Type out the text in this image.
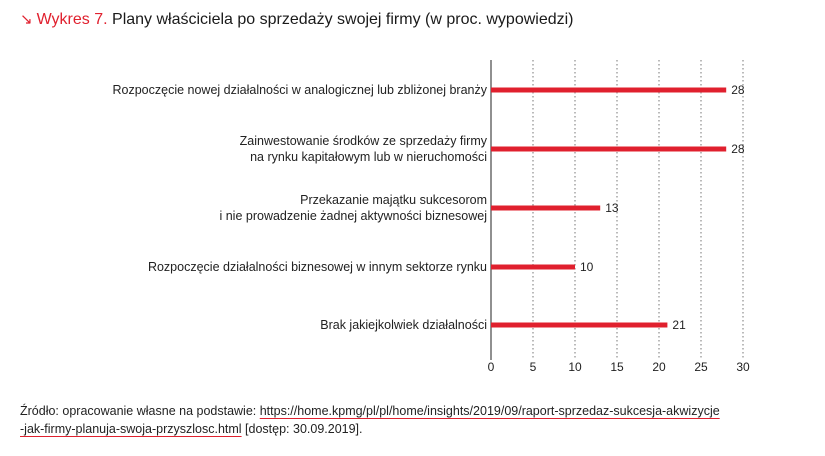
↘ Wykres 7. Plany właściciela po sprzedaży swojej firmy (w proc. wypowiedzi)
0	5	10 15 20 25 30
28
Rozpoczęcie nowej działalności w analogicznej lub zbliżonej branży
28
Zainwestowanie środków ze sprzedaży firmy
na rynku kapitałowym lub w nieruchomości
13
Przekazanie majątku sukcesorom
i nie prowadzenie żadnej aktywności biznesowej
10
Rozpoczęcie działalności biznesowej w innym sektorze rynku
21
Brak jakiejkolwiek działalności
Źródło: opracowanie własne na podstawie: https://home.kpmg/pl/pl/home/insights/2019/09/raport-sprzedaz-sukcesja-akwizycje
-jak-firmy-planuja-swoja-przyszlosc.html [dostęp: 30.09.2019].
